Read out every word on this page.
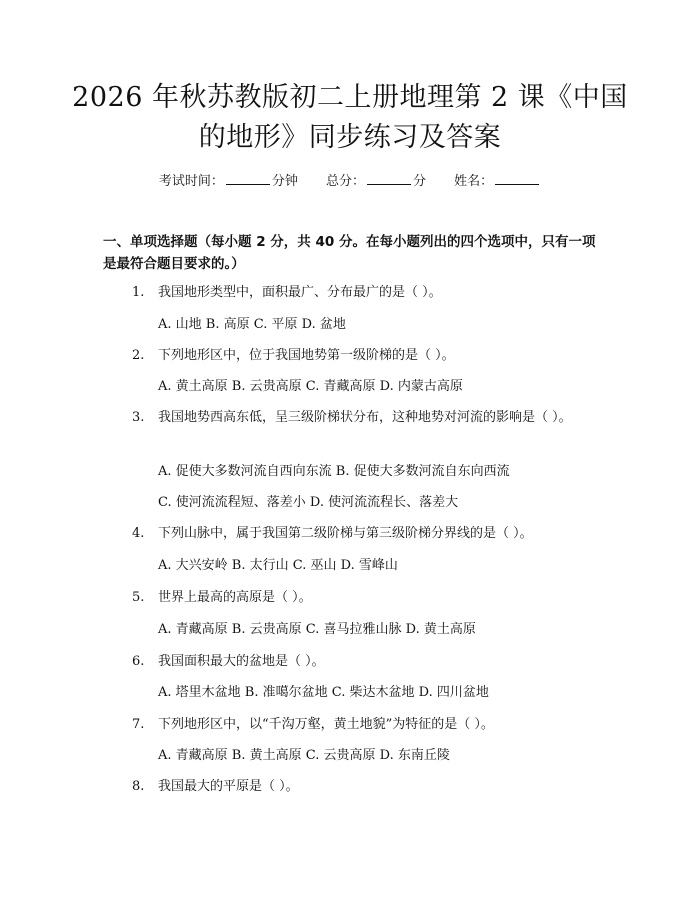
2026 年秋苏教版初二上册地理第 2 课《中国
的地形》同步练习及答案
考试时间：	分钟 总分：	分 姓名：
一、单项选择题（每小题 2 分，共 40 分。在每小题列出的四个选项中，只有一项是最符合题目要求的。）
1. 我国地形类型中，面积最广、分布最广的是（ ）。
A. 山地 B. 高原 C. 平原 D. 盆地
2. 下列地形区中，位于我国地势第一级阶梯的是（ ）。
A. 黄土高原 B. 云贵高原 C. 青藏高原 D. 内蒙古高原
3. 我国地势西高东低，呈三级阶梯状分布，这种地势对河流的影响是（ ）。
A. 促使大多数河流自西向东流 B. 促使大多数河流自东向西流
C. 使河流流程短、落差小 D. 使河流流程长、落差大
4. 下列山脉中，属于我国第二级阶梯与第三级阶梯分界线的是（ ）。
A. 大兴安岭 B. 太行山 C. 巫山 D. 雪峰山
5. 世界上最高的高原是（ ）。
A. 青藏高原 B. 云贵高原 C. 喜马拉雅山脉 D. 黄土高原
6. 我国面积最大的盆地是（ ）。
A. 塔里木盆地 B. 准噶尔盆地 C. 柴达木盆地 D. 四川盆地
7. 下列地形区中，以“千沟万壑，黄土地貌”为特征的是（ ）。
A. 青藏高原 B. 黄土高原 C. 云贵高原 D. 东南丘陵
8. 我国最大的平原是（ ）。
